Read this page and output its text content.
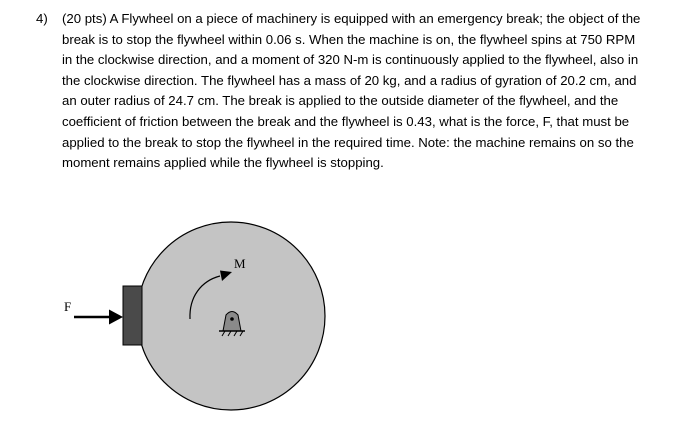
4) (20 pts) A Flywheel on a piece of machinery is equipped with an emergency break; the object of the
break is to stop the flywheel within 0.06 s. When the machine is on, the flywheel spins at 750 RPM
in the clockwise direction, and a moment of 320 N-m is continuously applied to the flywheel, also in
the clockwise direction. The flywheel has a mass of 20 kg, and a radius of gyration of 20.2 cm, and
an outer radius of 24.7 cm. The break is applied to the outside diameter of the flywheel, and the
coefficient of friction between the break and the flywheel is 0.43, what is the force, F, that must be
applied to the break to stop the flywheel in the required time. Note: the machine remains on so the
moment remains applied while the flywheel is stopping.
F
M
